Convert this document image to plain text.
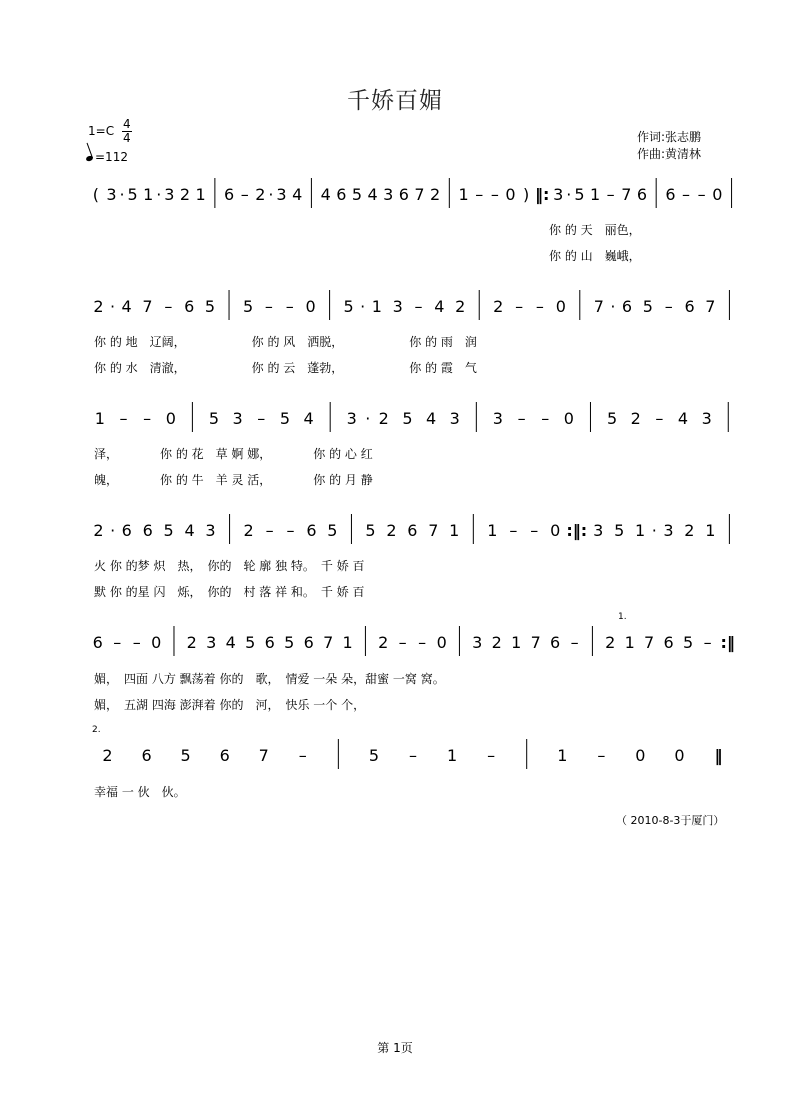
千娇百媚
$1=C \frac{4}{4}$
=112
作词:张志鹏
作曲:黄清林
( 3 · 5 1 · 3 2 1 6 – 2 · 3 4 4 6 5 4 3 6 7 2 1 – – 0 ) ‖: 3 · 5 1 – 7 6 6 – – 0
你 的 天　丽色，
你 的 山　巍峨，
2 · 4 7 – 6 5 5 – – 0 5 · 1 3 – 4 2 2 – – 0 7 · 6 5 – 6 7
你 的 地　辽阔，　　　　　　你 的 风　洒脱，　　　　　　你 的 雨　润
你 的 水　清澈，　　　　　　你 的 云　蓬勃，　　　　　　你 的 霞　气
1 – – 0 5 3 – 5 4 3 · 2 5 4 3 3 – – 0 5 2 – 4 3
泽，　　　　你 的 花　草 婀 娜，　　　　你 的 心 红
魄，　　　　你 的 牛　羊 灵 活，　　　　你 的 月 静
2 · 6 6 5 4 3 2 – – 6 5 5 2 6 7 1 1 – – 0 :‖: 3 5 1 · 3 2 1
火 你 的梦 炽　热，　你的　轮 廓 独 特。　千 娇 百
默 你 的星 闪　烁，　你的　村 落 祥 和。　千 娇 百
6 – – 0 2 3 4 5 6 5 6 7 1 2 – – 0 3 2 1 7 6 – 2 1 7 6 5 – :‖
1.
媚，　四面 八方 飘荡着 你的　歌，　情爱 一朵 朵，甜蜜 一窝 窝。
媚，　五湖 四海 澎湃着 你的　河，　快乐 一个 个，
2 6 5 6 7 –	5 – 1 –	1 – 0 0 ‖
2.
幸福 一 伙　伙。
（ 2010-8-3于厦门）
第 1页
